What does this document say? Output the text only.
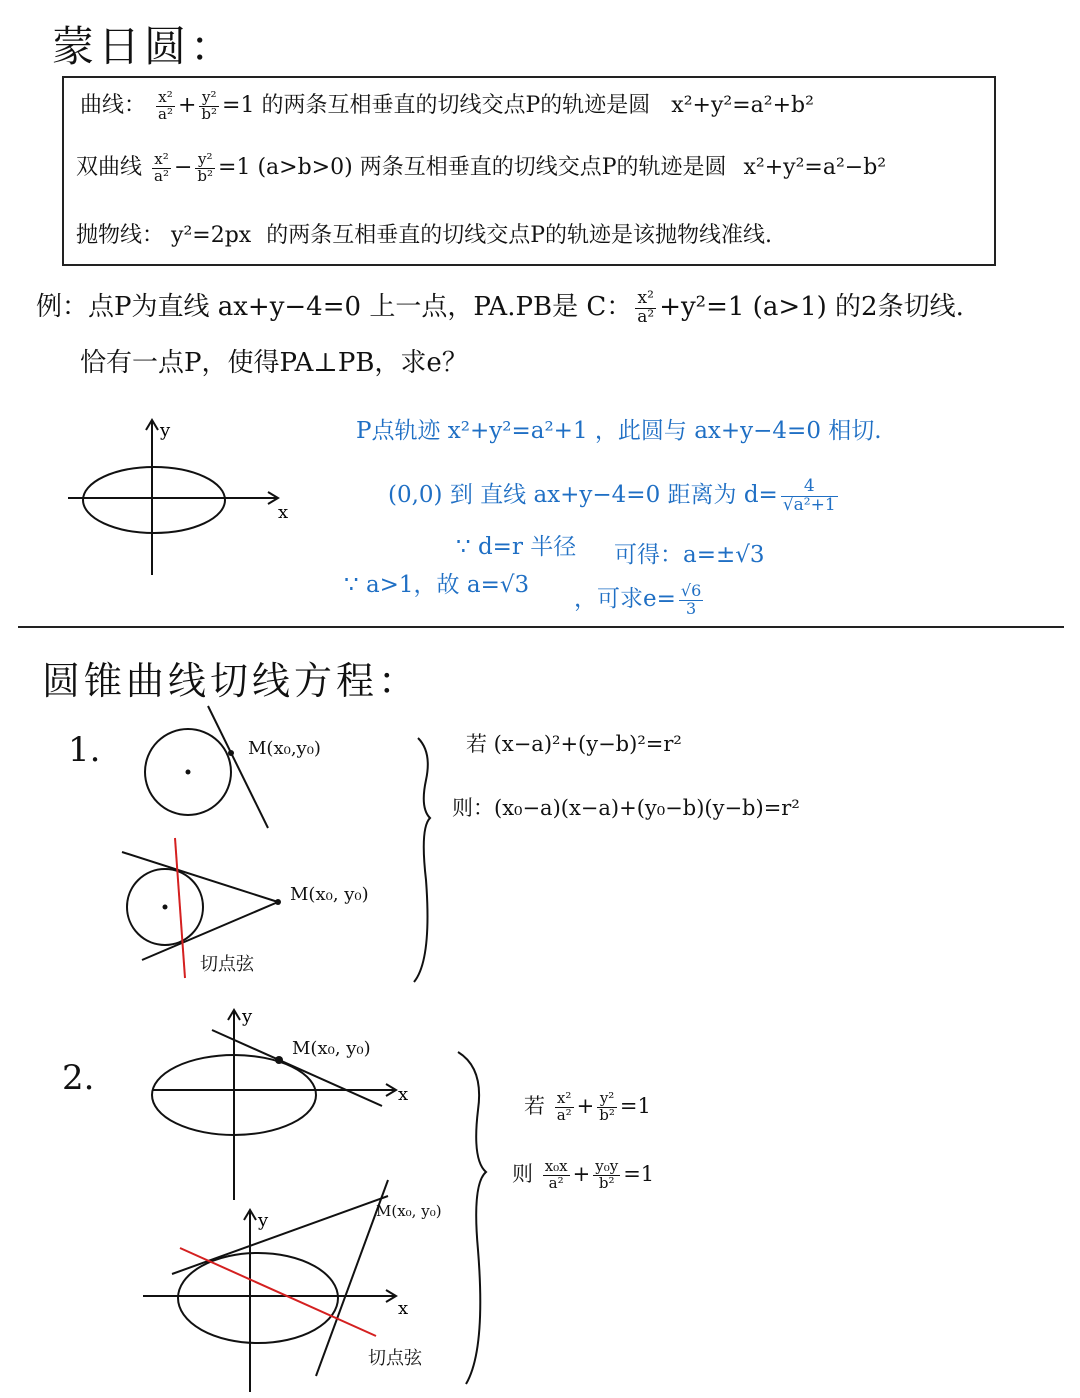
蒙日圆：
曲线： $\frac{\text{x²}}{\text{a²}} + \frac{\text{y²}}{\text{b²}} =1$ 的两条互相垂直的切线交点P的轨迹是圆 x²+y²=a²+b²
双曲线 $\frac{\text{x²}}{\text{a²}} - \frac{\text{y²}}{\text{b²}} =1$ (a>b>0) 两条互相垂直的切线交点P的轨迹是圆 x²+y²=a²−b²
抛物线： y²=2px 的两条互相垂直的切线交点P的轨迹是该抛物线准线.
例：点P为直线 ax+y−4=0 上一点，PA.PB是 C： $\frac{\text{x²}}{\text{a²}} +y^2=1$ (a>1) 的2条切线.
恰有一点P，使得PA⊥PB，求e？
y
x
P点轨迹 x²+y²=a²+1 ，此圆与 ax+y−4=0 相切.
(0,0) 到 直线 ax+y−4=0 距离为 $d= \frac{4}{\text{√a²+1}}$
∵ d=r 半径 可得：a=±√3
∵ a>1，故 a=√3
，可求$e= \frac{√6}{3}$
圆锥曲线切线方程：
1.	M(x₀,y₀)
M(x₀, y₀)
切点弦
若 (x−a)²+(y−b)²=r²
则：(x₀−a)(x−a)+(y₀−b)(y−b)=r²
2.
y
x
y
x
M(x₀, y₀)
M(x₀, y₀)
切点弦
若 $\frac{\text{x²}}{\text{a²}} + \frac{\text{y²}}{\text{b²}} =1$
则 $\frac{\text{x₀x}}{\text{a²}} + \frac{\text{y₀y}}{\text{b²}} =1$
